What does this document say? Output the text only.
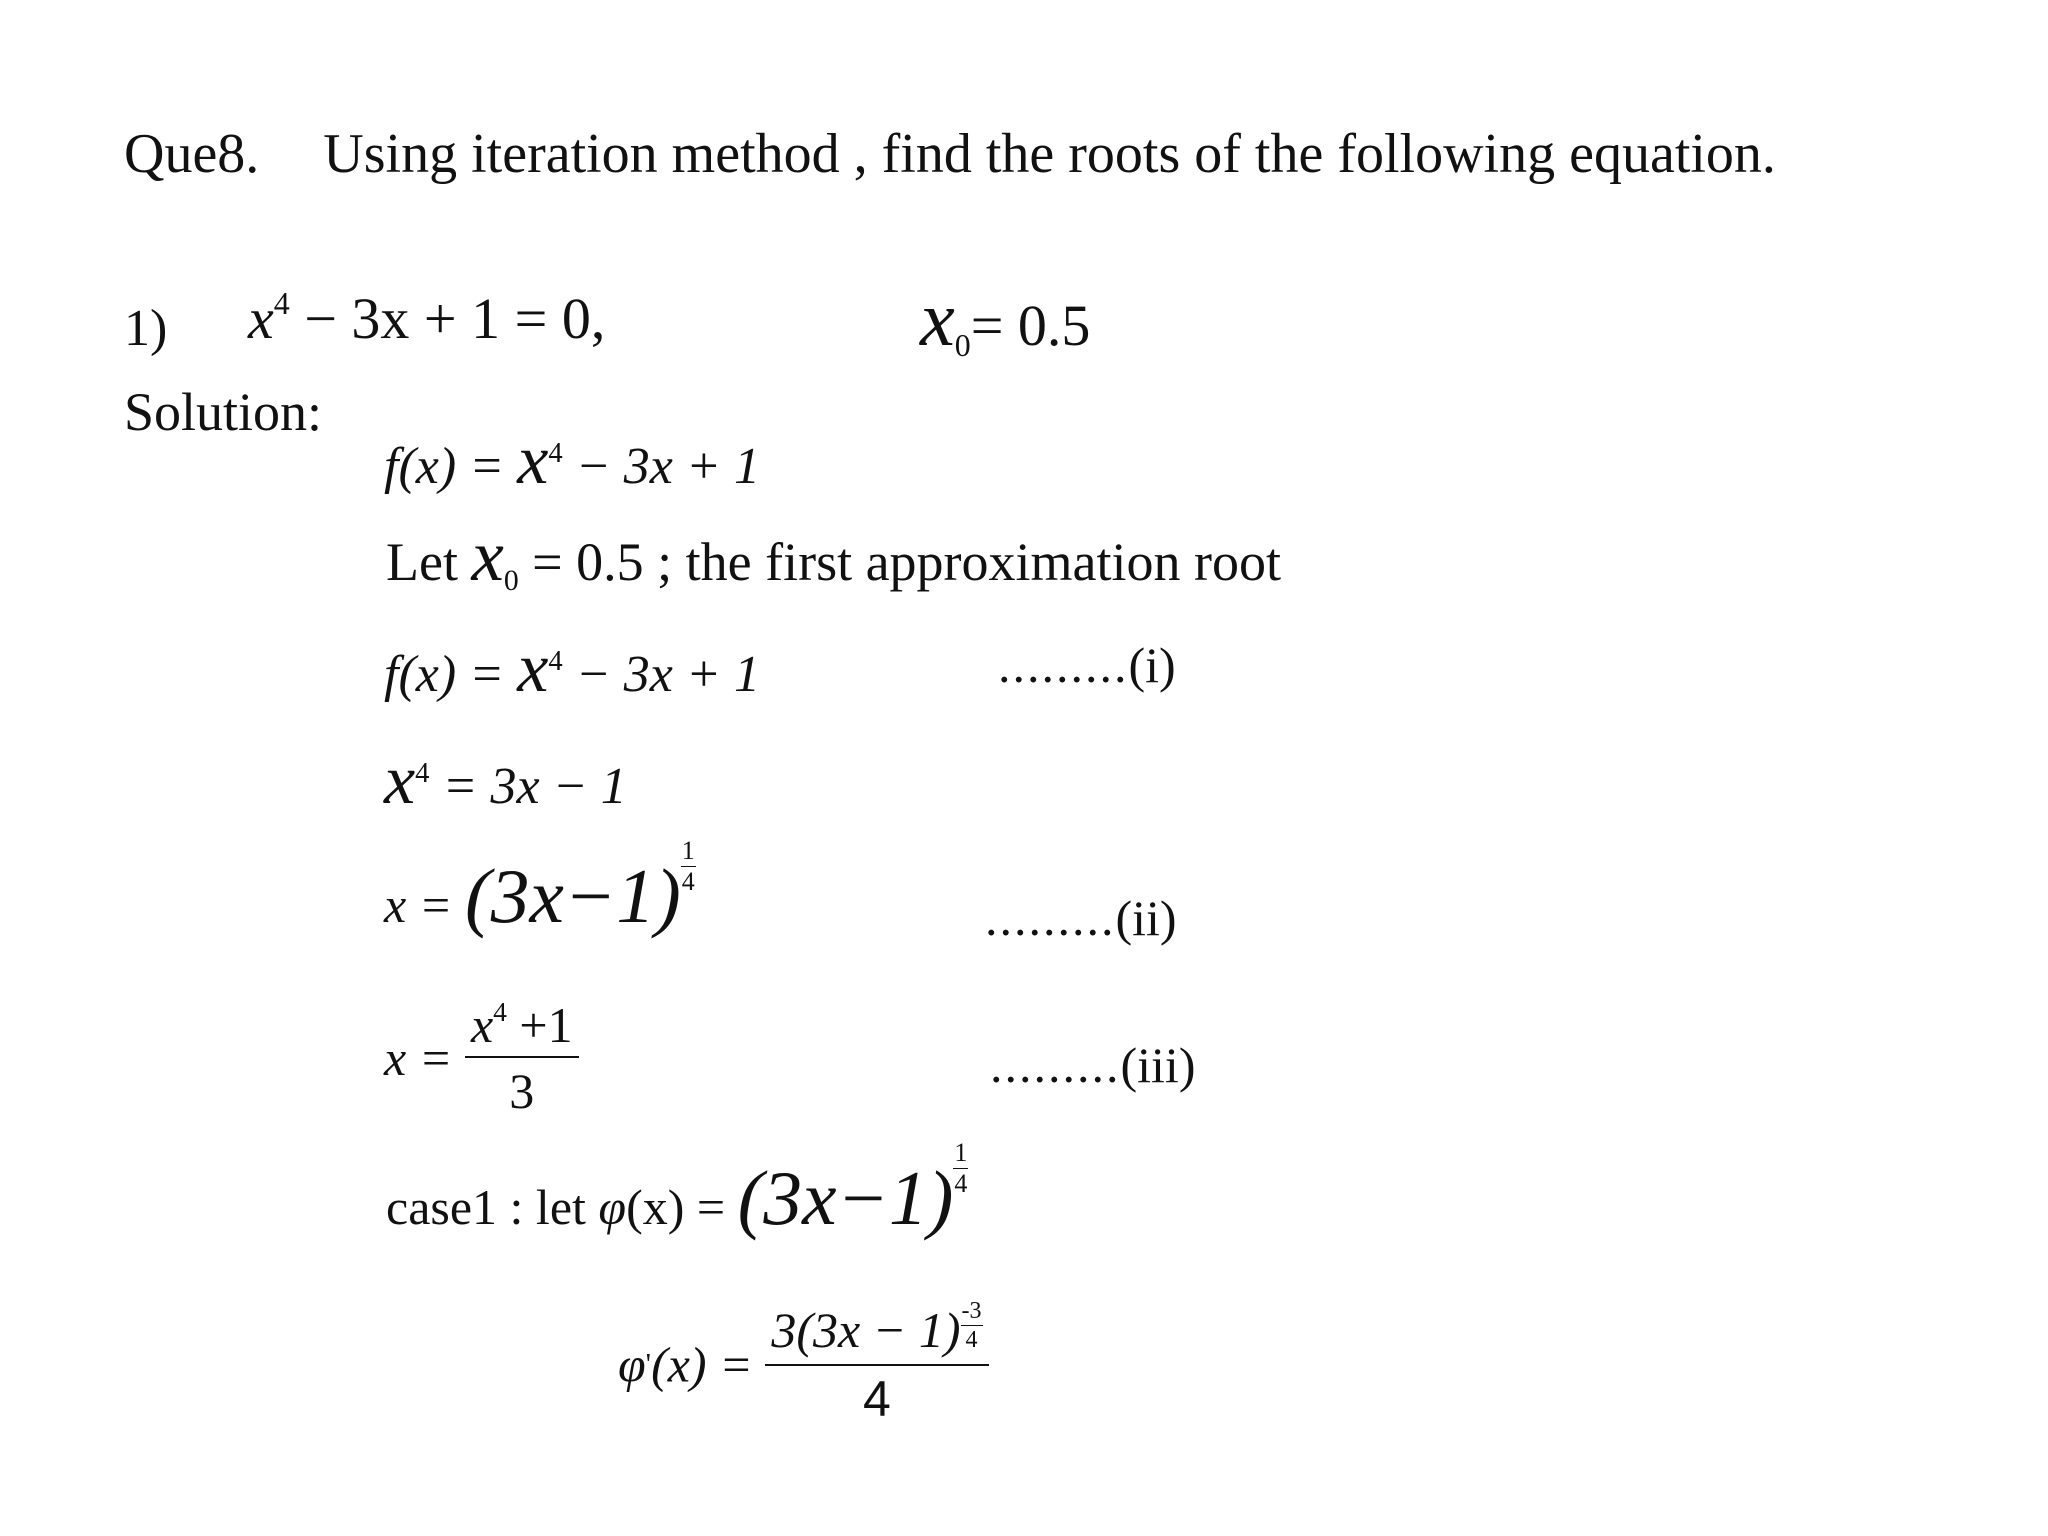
Que8. Using iteration method , find the roots of the following equation.
1) $x^4 - 3x + 1 = 0$,	x0= 0.5
Solution:
$f(x) = x^4 - 3x + 1$
Let x0 = 0.5 ; the first approximation root
$f(x) = x^4 - 3x + 1$	.........(i)
$x^4 = 3x - 1$
$x = (3x-1) \frac{1}{4}$
.........(ii)
$x = \frac{x^4 +1}{3}$	.........(iii)
case1 : let $\varphi(x) = (3x-1) \frac{1}{4}$
$\varphi'(x) = \frac{3(3x - 1) \frac{-3}{4}}{4}$
